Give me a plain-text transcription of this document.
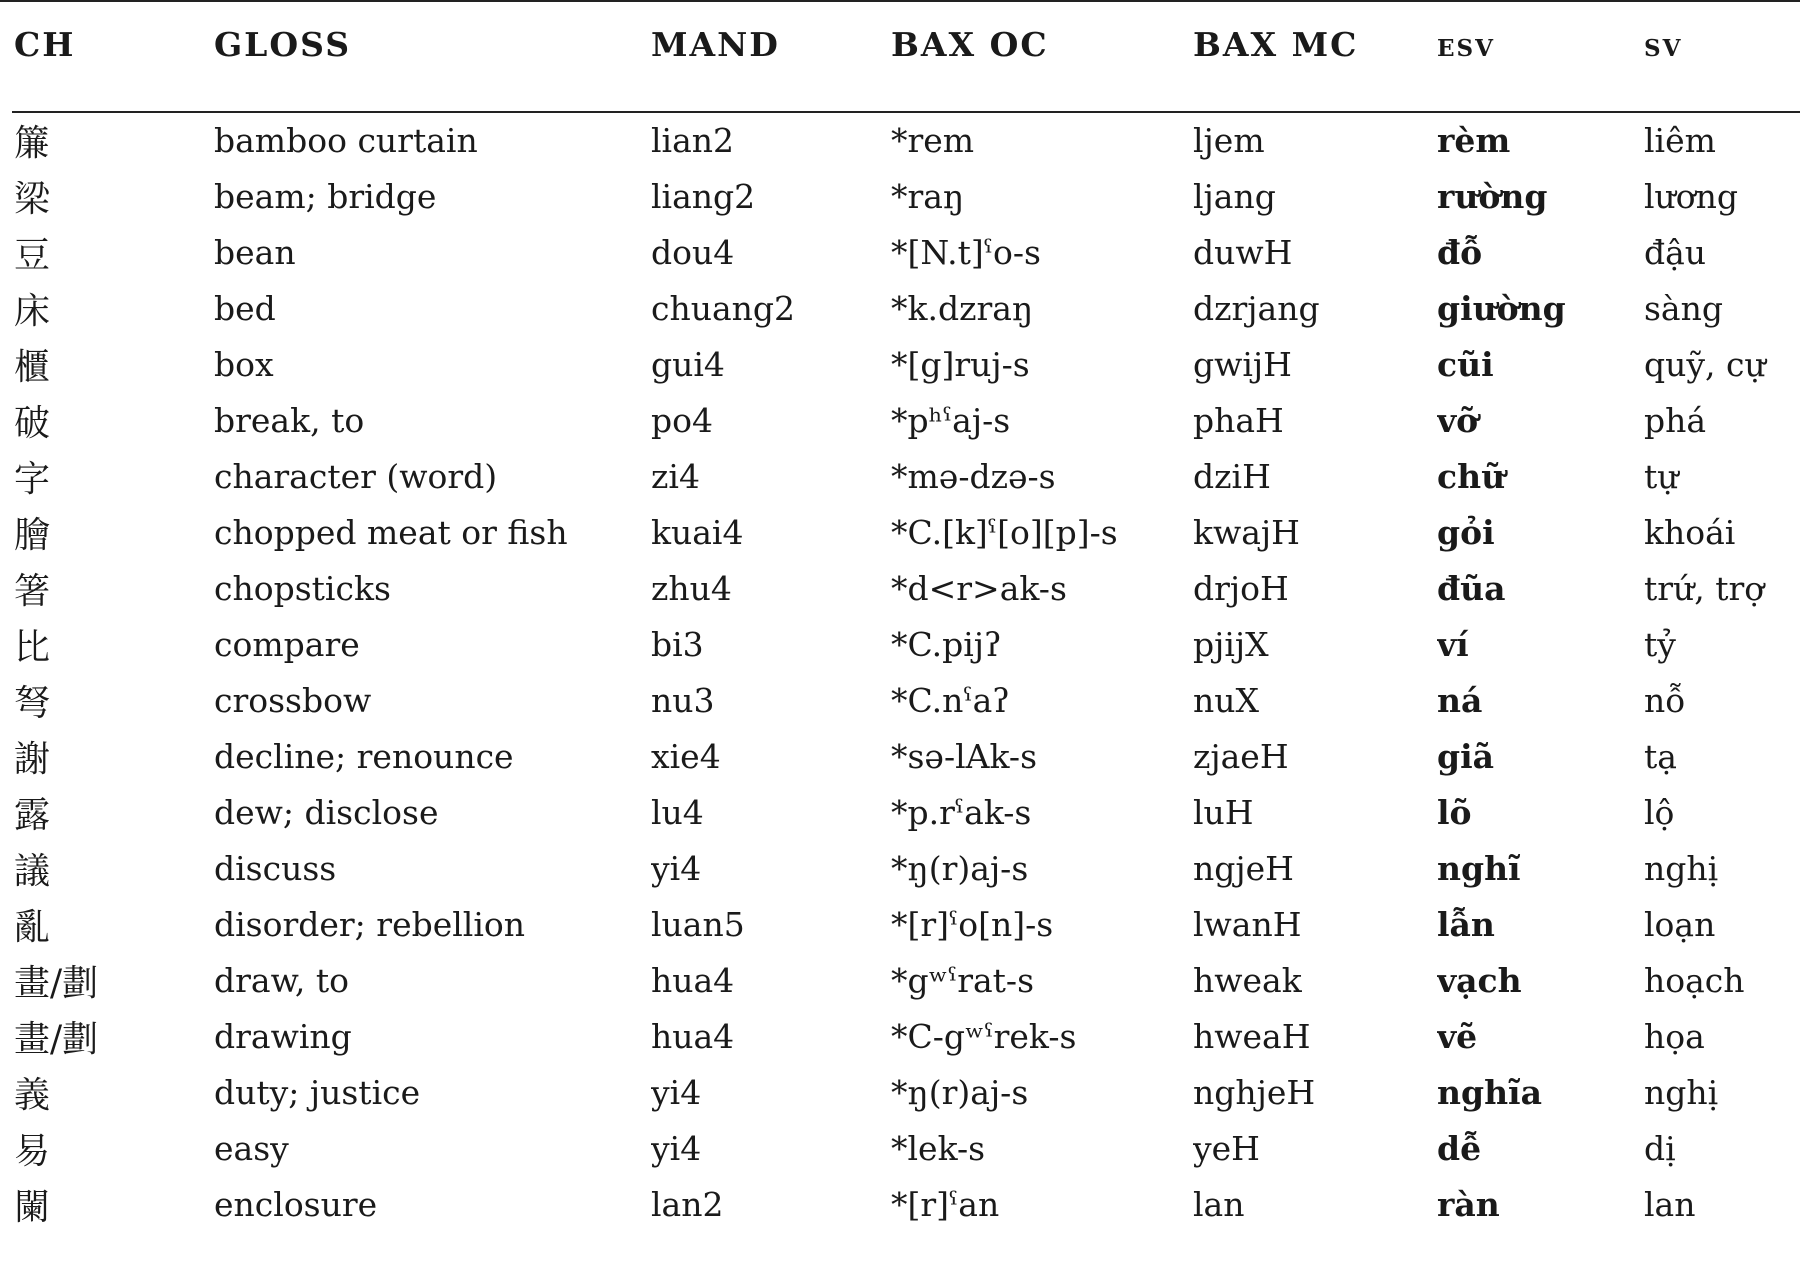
CH	GLOSS	MAND	BAX OC	BAX MC	esv	sv

簾	bamboo curtain	lian2	*rem	ljem	rèm	liêm
梁	beam; bridge	liang2	*raŋ	ljang	rường	lương
豆	bean	dou4	*[N.t]ˤo-s	duwH	đỗ	đậu
床	bed	chuang2	*k.dzraŋ	dzrjang	giường	sàng
櫃	box	gui4	*[g]ruj-s	gwijH	cũi	quỹ, cự
破	break, to	po4	*pʰˤaj-s	phaH	vỡ	phá
字	character (word)	zi4	*mə-dzə-s	dziH	chữ	tự
膾	chopped meat or fish	kuai4	*C.[k]ˤ[o][p]-s	kwajH	gỏi	khoái
箸	chopsticks	zhu4	*d<r>ak-s	drjoH	đũa	trứ, trợ
比	compare	bi3	*C.pijʔ	pjijX	ví	tỷ
弩	crossbow	nu3	*C.nˤaʔ	nuX	ná	nỗ
謝	decline; renounce	xie4	*sə-lAk-s	zjaeH	giã	tạ
露	dew; disclose	lu4	*p.rˤak-s	luH	lõ	lộ
議	discuss	yi4	*ŋ(r)aj-s	ngjeH	nghĩ	nghị
亂	disorder; rebellion	luan5	*[r]ˤo[n]-s	lwanH	lẫn	loạn
畫/劃	draw, to	hua4	*gʷˤrat-s	hweak	vạch	hoạch
畫/劃	drawing	hua4	*C-gʷˤrek-s	hweaH	vẽ	họa
義	duty; justice	yi4	*ŋ(r)aj-s	nghjeH	nghĩa	nghị
易	easy	yi4	*lek-s	yeH	dễ	dị
闌	enclosure	lan2	*[r]ˤan	lan	ràn	lan
